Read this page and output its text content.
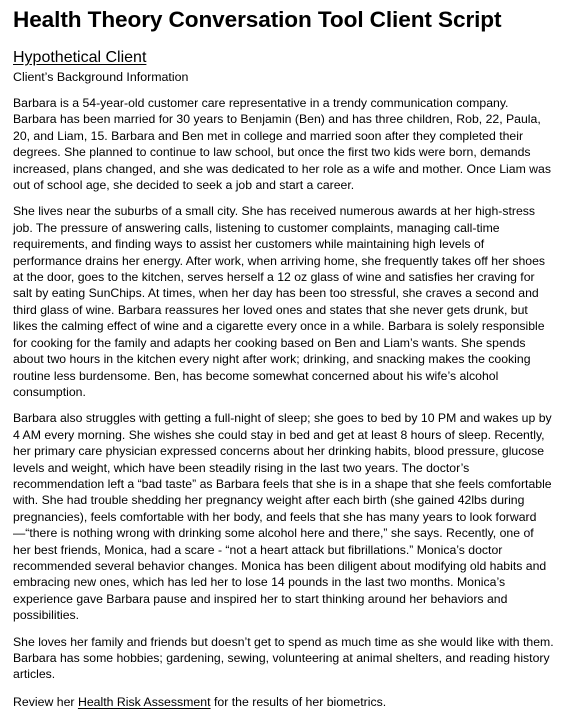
Health Theory Conversation Tool Client Script
Hypothetical Client
Client’s Background Information

Barbara is a 54-year-old customer care representative in a trendy communication company. Barbara has been married for 30 years to Benjamin (Ben) and has three children, Rob, 22, Paula, 20, and Liam, 15. Barbara and Ben met in college and married soon after they completed their degrees. She planned to continue to law school, but once the first two kids were born, demands increased, plans changed, and she was dedicated to her role as a wife and mother. Once Liam was out of school age, she decided to seek a job and start a career.

She lives near the suburbs of a small city. She has received numerous awards at her high-stress job. The pressure of answering calls, listening to customer complaints, managing call-time requirements, and finding ways to assist her customers while maintaining high levels of performance drains her energy. After work, when arriving home, she frequently takes off her shoes at the door, goes to the kitchen, serves herself a 12 oz glass of wine and satisfies her craving for salt by eating SunChips. At times, when her day has been too stressful, she craves a second and third glass of wine. Barbara reassures her loved ones and states that she never gets drunk, but likes the calming effect of wine and a cigarette every once in a while. Barbara is solely responsible for cooking for the family and adapts her cooking based on Ben and Liam’s wants. She spends about two hours in the kitchen every night after work; drinking, and snacking makes the cooking routine less burdensome. Ben, has become somewhat concerned about his wife’s alcohol consumption.

Barbara also struggles with getting a full-night of sleep; she goes to bed by 10 PM and wakes up by 4 AM every morning. She wishes she could stay in bed and get at least 8 hours of sleep. Recently, her primary care physician expressed concerns about her drinking habits, blood pressure, glucose levels and weight, which have been steadily rising in the last two years. The doctor’s recommendation left a “bad taste” as Barbara feels that she is in a shape that she feels comfortable with. She had trouble shedding her pregnancy weight after each birth (she gained 42lbs during pregnancies), feels comfortable with her body, and feels that she has many years to look forward—“there is nothing wrong with drinking some alcohol here and there,” she says. Recently, one of her best friends, Monica, had a scare - “not a heart attack but fibrillations.” Monica’s doctor recommended several behavior changes. Monica has been diligent about modifying old habits and embracing new ones, which has led her to lose 14 pounds in the last two months. Monica’s experience gave Barbara pause and inspired her to start thinking around her behaviors and possibilities.

She loves her family and friends but doesn’t get to spend as much time as she would like with them. Barbara has some hobbies; gardening, sewing, volunteering at animal shelters, and reading history articles.

Review her Health Risk Assessment for the results of her biometrics.
